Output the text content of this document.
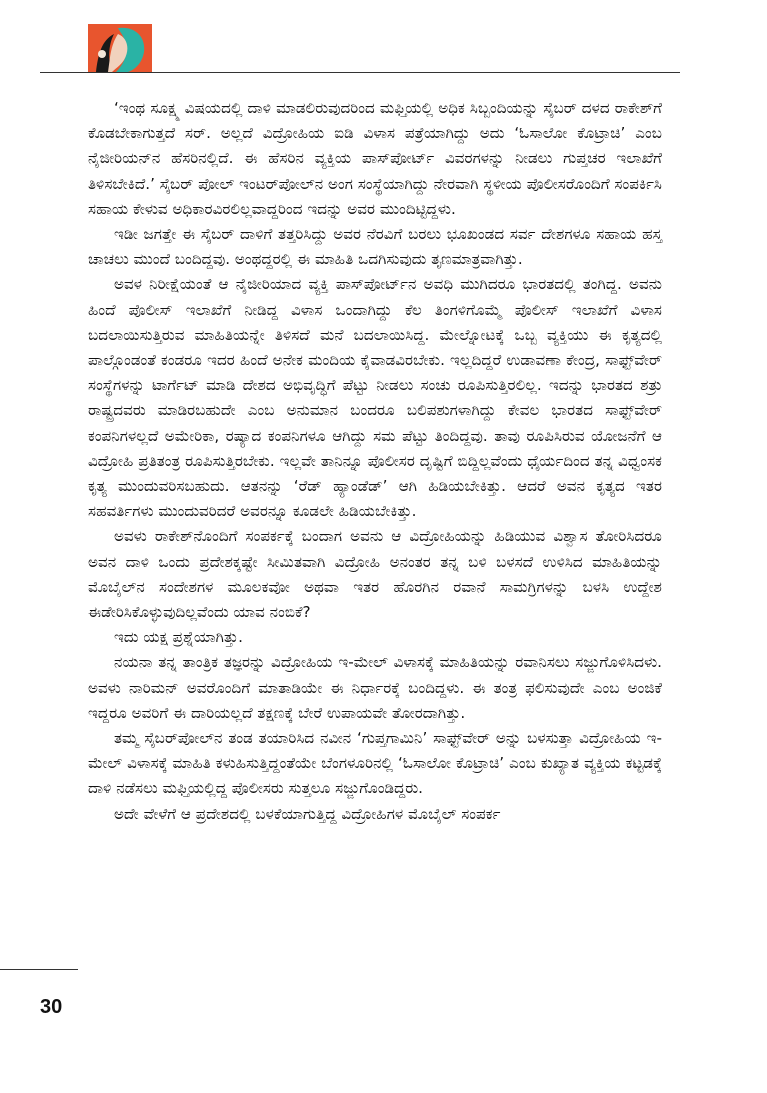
‘ಇಂಥ ಸೂಕ್ಷ್ಮ ವಿಷಯದಲ್ಲಿ ದಾಳಿ ಮಾಡಲಿರುವುದರಿಂದ ಮಫ್ತಿಯಲ್ಲಿ ಅಧಿಕ ಸಿಬ್ಬಂದಿಯನ್ನು ಸೈಬರ್ ದಳದ ರಾಕೇಶ್‌ಗೆ ಕೊಡಬೇಕಾಗುತ್ತದೆ ಸರ್. ಅಲ್ಲದೆ ವಿದ್ರೋಹಿಯ ಐಡಿ ವಿಳಾಸ ಪತ್ರೆಯಾಗಿದ್ದು ಅದು ‘ಓಸಾಲೋ ಕೊಟ್ರಾಚಿ’ ಎಂಬ ನೈಜೀರಿಯನ್‌ನ ಹೆಸರಿನಲ್ಲಿದೆ. ಈ ಹೆಸರಿನ ವ್ಯಕ್ತಿಯ ಪಾಸ್‌ಪೋರ್ಟ್ ವಿವರಗಳನ್ನು ನೀಡಲು ಗುಪ್ತಚರ ಇಲಾಖೆಗೆ ತಿಳಿಸಬೇಕಿದೆ.’ ಸೈಬರ್ ಪೋಲ್ ಇಂಟರ್‌ಪೋಲ್‌ನ ಅಂಗ ಸಂಸ್ಥೆಯಾಗಿದ್ದು ನೇರವಾಗಿ ಸ್ಥಳೀಯ ಪೊಲೀಸರೊಂದಿಗೆ ಸಂಪರ್ಕಿಸಿ ಸಹಾಯ ಕೇಳುವ ಅಧಿಕಾರವಿರಲಿಲ್ಲವಾದ್ದರಿಂದ ಇದನ್ನು ಅವರ ಮುಂದಿಟ್ಟಿದ್ದಳು.

ಇಡೀ ಜಗತ್ತೇ ಈ ಸೈಬರ್ ದಾಳಿಗೆ ತತ್ತರಿಸಿದ್ದು ಅವರ ನೆರವಿಗೆ ಬರಲು ಭೂಖಂಡದ ಸರ್ವ ದೇಶಗಳೂ ಸಹಾಯ ಹಸ್ತ ಚಾಚಲು ಮುಂದೆ ಬಂದಿದ್ದವು. ಅಂಥದ್ದರಲ್ಲಿ ಈ ಮಾಹಿತಿ ಒದಗಿಸುವುದು ತೃಣಮಾತ್ರವಾಗಿತ್ತು.

ಅವಳ ನಿರೀಕ್ಷೆಯಂತೆ ಆ ನೈಜೀರಿಯಾದ ವ್ಯಕ್ತಿ ಪಾಸ್‌ಪೋರ್ಟ್‌ನ ಅವಧಿ ಮುಗಿದರೂ ಭಾರತದಲ್ಲಿ ತಂಗಿದ್ದ. ಅವನು ಹಿಂದೆ ಪೊಲೀಸ್ ಇಲಾಖೆಗೆ ನೀಡಿದ್ದ ವಿಳಾಸ ಒಂದಾಗಿದ್ದು ಕೆಲ ತಿಂಗಳಿಗೊಮ್ಮೆ ಪೊಲೀಸ್ ಇಲಾಖೆಗೆ ವಿಳಾಸ ಬದಲಾಯಿಸುತ್ತಿರುವ ಮಾಹಿತಿಯನ್ನೇ ತಿಳಿಸದೆ ಮನೆ ಬದಲಾಯಿಸಿದ್ದ. ಮೇಲ್ನೋಟಕ್ಕೆ ಒಬ್ಬ ವ್ಯಕ್ತಿಯು ಈ ಕೃತ್ಯದಲ್ಲಿ ಪಾಲ್ಗೊಂಡಂತೆ ಕಂಡರೂ ಇದರ ಹಿಂದೆ ಅನೇಕ ಮಂದಿಯ ಕೈವಾಡವಿರಬೇಕು. ಇಲ್ಲದಿದ್ದರೆ ಉಡಾವಣಾ ಕೇಂದ್ರ, ಸಾಫ್ಟ್‌ವೇರ್ ಸಂಸ್ಥೆಗಳನ್ನು ಟಾರ್ಗೆಟ್ ಮಾಡಿ ದೇಶದ ಅಭಿವೃದ್ಧಿಗೆ ಪೆಟ್ಟು ನೀಡಲು ಸಂಚು ರೂಪಿಸುತ್ತಿರಲಿಲ್ಲ. ಇದನ್ನು ಭಾರತದ ಶತ್ರು ರಾಷ್ಟ್ರದವರು ಮಾಡಿರಬಹುದೇ ಎಂಬ ಅನುಮಾನ ಬಂದರೂ ಬಲಿಪಶುಗಳಾಗಿದ್ದು ಕೇವಲ ಭಾರತದ ಸಾಫ್ಟ್‌ವೇರ್ ಕಂಪನಿಗಳಲ್ಲದೆ ಅಮೇರಿಕಾ, ರಷ್ಯಾದ ಕಂಪನಿಗಳೂ ಆಗಿದ್ದು ಸಮ ಪೆಟ್ಟು ತಿಂದಿದ್ದವು. ತಾವು ರೂಪಿಸಿರುವ ಯೋಜನೆಗೆ ಆ ವಿದ್ರೋಹಿ ಪ್ರತಿತಂತ್ರ ರೂಪಿಸುತ್ತಿರಬೇಕು. ಇಲ್ಲವೇ ತಾನಿನ್ನೂ ಪೊಲೀಸರ ದೃಷ್ಟಿಗೆ ಬಿದ್ದಿಲ್ಲವೆಂದು ಧೈರ್ಯದಿಂದ ತನ್ನ ವಿಧ್ವಂಸಕ ಕೃತ್ಯ ಮುಂದುವರಿಸಬಹುದು. ಆತನನ್ನು ‘ರೆಡ್ ಹ್ಯಾಂಡೆಡ್’ ಆಗಿ ಹಿಡಿಯಬೇಕಿತ್ತು. ಆದರೆ ಅವನ ಕೃತ್ಯದ ಇತರ ಸಹವರ್ತಿಗಳು ಮುಂದುವರಿದರೆ ಅವರನ್ನೂ ಕೂಡಲೇ ಹಿಡಿಯಬೇಕಿತ್ತು.

ಅವಳು ರಾಕೇಶ್‌ನೊಂದಿಗೆ ಸಂಪರ್ಕಕ್ಕೆ ಬಂದಾಗ ಅವನು ಆ ವಿದ್ರೋಹಿಯನ್ನು ಹಿಡಿಯುವ ವಿಶ್ವಾಸ ತೋರಿಸಿದರೂ ಅವನ ದಾಳಿ ಒಂದು ಪ್ರದೇಶಕ್ಕಷ್ಟೇ ಸೀಮಿತವಾಗಿ ವಿದ್ರೋಹಿ ಅನಂತರ ತನ್ನ ಬಳಿ ಬಳಸದೆ ಉಳಿಸಿದ ಮಾಹಿತಿಯನ್ನು ಮೊಬೈಲ್‌ನ ಸಂದೇಶಗಳ ಮೂಲಕವೋ ಅಥವಾ ಇತರ ಹೊರಗಿನ ರವಾನೆ ಸಾಮಗ್ರಿಗಳನ್ನು ಬಳಸಿ ಉದ್ದೇಶ ಈಡೇರಿಸಿಕೊಳ್ಳುವುದಿಲ್ಲವೆಂದು ಯಾವ ನಂಬಿಕೆ?

ಇದು ಯಕ್ಷ ಪ್ರಶ್ನೆಯಾಗಿತ್ತು.

ನಯನಾ ತನ್ನ ತಾಂತ್ರಿಕ ತಜ್ಞರನ್ನು ವಿದ್ರೋಹಿಯ ಇ-ಮೇಲ್ ವಿಳಾಸಕ್ಕೆ ಮಾಹಿತಿಯನ್ನು ರವಾನಿಸಲು ಸಜ್ಜುಗೊಳಿಸಿದಳು. ಅವಳು ನಾರಿಮನ್ ಅವರೊಂದಿಗೆ ಮಾತಾಡಿಯೇ ಈ ನಿರ್ಧಾರಕ್ಕೆ ಬಂದಿದ್ದಳು. ಈ ತಂತ್ರ ಫಲಿಸುವುದೇ ಎಂಬ ಅಂಜಿಕೆ ಇದ್ದರೂ ಅವರಿಗೆ ಈ ದಾರಿಯಲ್ಲದೆ ತಕ್ಷಣಕ್ಕೆ ಬೇರೆ ಉಪಾಯವೇ ತೋರದಾಗಿತ್ತು.

ತಮ್ಮ ಸೈಬರ್‌ಪೋಲ್‌ನ ತಂಡ ತಯಾರಿಸಿದ ನವೀನ ‘ಗುಪ್ತಗಾಮಿನಿ’ ಸಾಫ್ಟ್‌ವೇರ್ ಅನ್ನು ಬಳಸುತ್ತಾ ವಿದ್ರೋಹಿಯ ಇ-ಮೇಲ್ ವಿಳಾಸಕ್ಕೆ ಮಾಹಿತಿ ಕಳುಹಿಸುತ್ತಿದ್ದಂತೆಯೇ ಬೆಂಗಳೂರಿನಲ್ಲಿ ‘ಓಸಾಲೋ ಕೊಟ್ರಾಚಿ’ ಎಂಬ ಕುಖ್ಯಾತ ವ್ಯಕ್ತಿಯ ಕಟ್ಟಡಕ್ಕೆ ದಾಳಿ ನಡೆಸಲು ಮಫ್ತಿಯಲ್ಲಿದ್ದ ಪೊಲೀಸರು ಸುತ್ತಲೂ ಸಜ್ಜುಗೊಂಡಿದ್ದರು.

ಅದೇ ವೇಳೆಗೆ ಆ ಪ್ರದೇಶದಲ್ಲಿ ಬಳಕೆಯಾಗುತ್ತಿದ್ದ ವಿದ್ರೋಹಿಗಳ ಮೊಬೈಲ್ ಸಂಪರ್ಕ

30
